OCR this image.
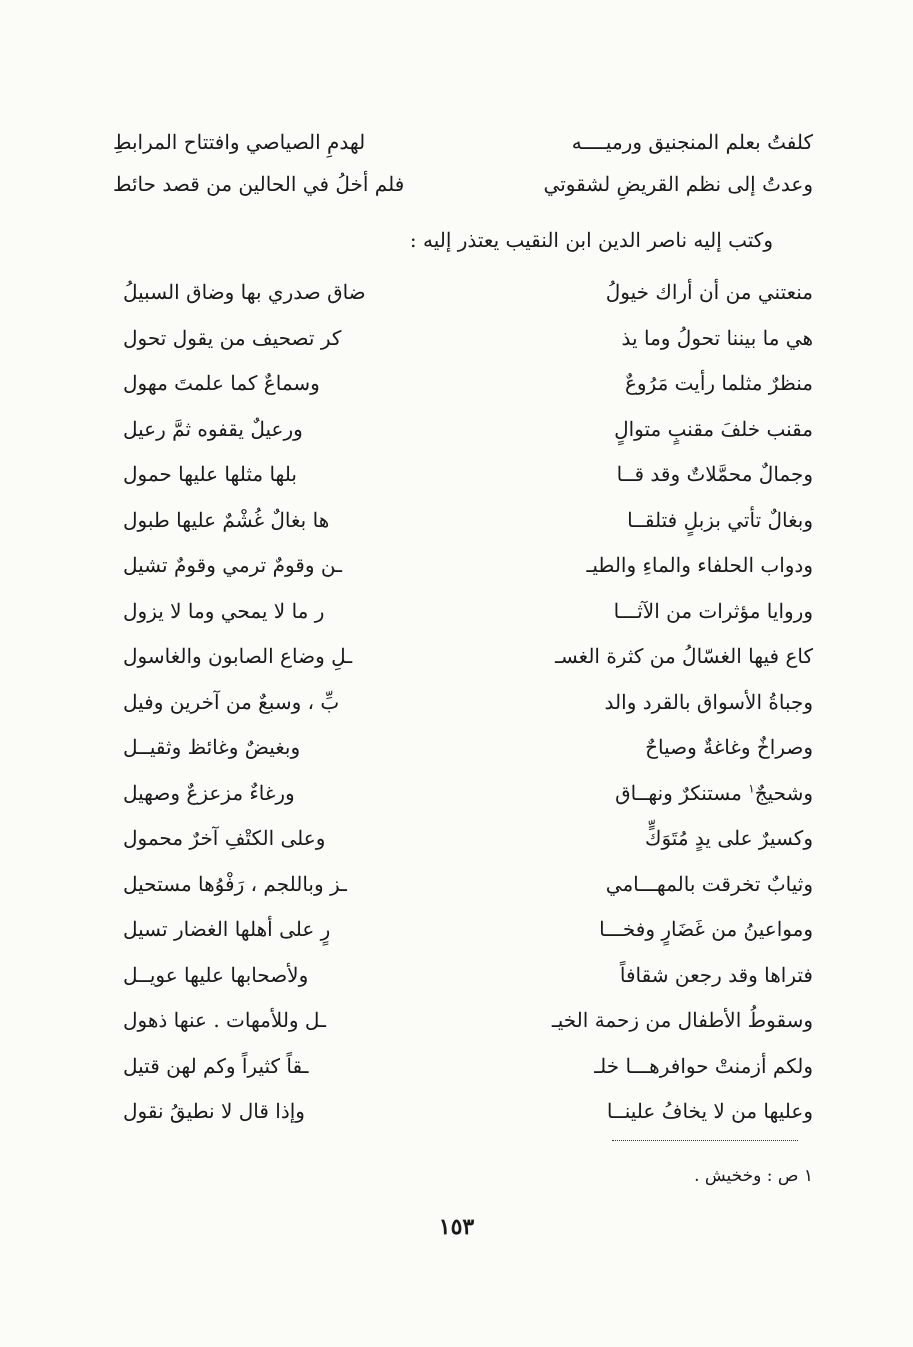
كلفتُ بعلم المنجنيق ورميــــه
لهدمِ الصياصي وافتتاح المرابطِ
وعدتُ إلى نظم القريضِ لشقوتي
فلم أخلُ في الحالين من قصد حائط
وكتب إليه ناصر الدين ابن النقيب يعتذر إليه :
منعتني من أن أراك خيولُ
ضاق صدري بها وضاق السبيلُ
هي ما بيننا تحولُ وما يذ
كر تصحيف من يقول تحول
منظرٌ مثلما رأيت مَرُوعٌ
وسماعٌ كما علمتَ مهول
مقنب خلفَ مقنبٍ متوالٍ
ورعيلٌ يقفوه ثمَّ رعيل
وجمالٌ محمَّلاتٌ وقد قــا
بلها مثلها عليها حمول
وبغالٌ تأتي بزبلٍ فتلقــا
ها بغالٌ غُشْمٌ عليها طبول
ودواب الحلفاء والماءِ والطيـ
ـن وقومٌ ترمي وقومٌ تشيل
وروايا مؤثرات من الآثـــا
ر ما لا يمحي وما لا يزول
كاع فيها الغسّالُ من كثرة الغسـ
ـلِ وضاع الصابون والغاسول
وجباةُ الأسواق بالقرد والد
بِّ ، وسبعٌ من آخرين وفيل
وصراخٌ وغاغةٌ وصياحٌ
وبغيضٌ وغائظ وثقيــل
وشحيجٌ$^١$ مستنكرٌ ونهــاق
ورغاءٌ مزعزعٌ وصهيل
وكسيرٌ على يدٍ مُتَوَكٍّ
وعلى الكتْفِ آخرٌ محمول
وثيابٌ تخرقت بالمهـــامي
ـز وباللجم ، رَفْوُها مستحيل
ومواعينُ من غَضَارٍ وفخـــا
رٍ على أهلها الغضار تسيل
فتراها وقد رجعن شقافاً
ولأصحابها عليها عويــل
وسقوطُ الأطفال من زحمة الخيـ
ـل وللأمهات . عنها ذهول
ولكم أزمنتْ حوافرهـــا خلـ
ـقاً كثيراً وكم لهن قتيل
وعليها من لا يخافُ علينــا
وإذا قال لا نطيقُ نقول
١ ص : وخخيش .
١٥٣
